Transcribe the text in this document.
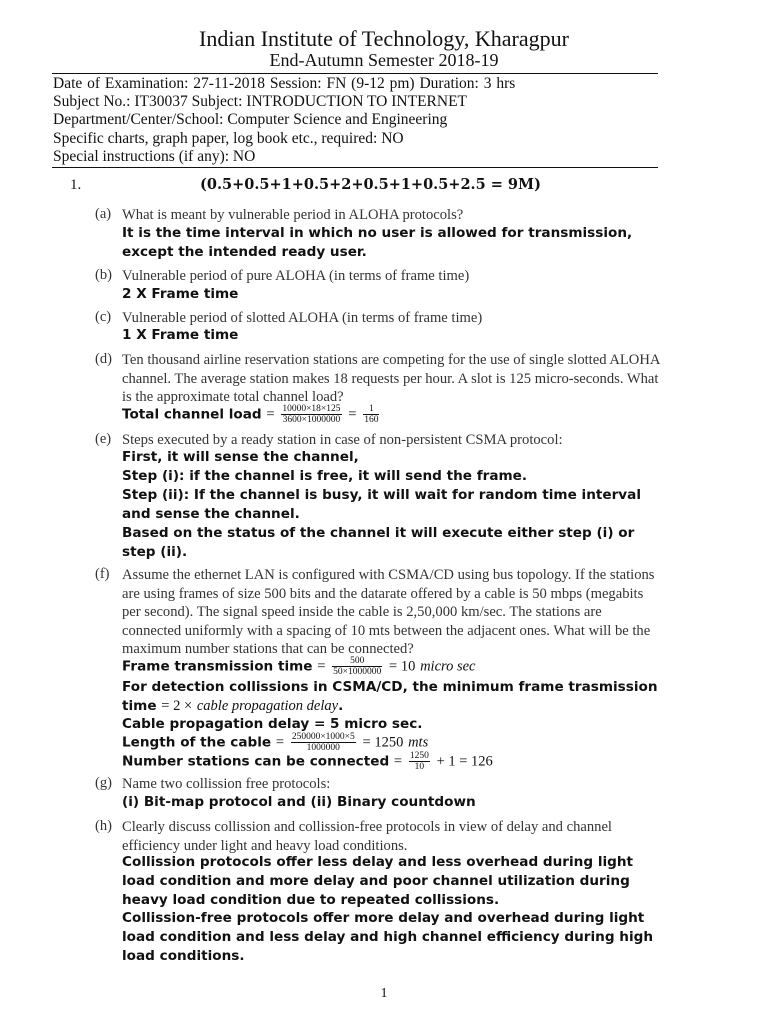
Indian Institute of Technology, Kharagpur
End-Autumn Semester 2018-19
Date of Examination: 27-11-2018 Session: FN (9-12 pm) Duration: 3 hrs
Subject No.: IT30037 Subject: INTRODUCTION TO INTERNET
Department/Center/School: Computer Science and Engineering
Specific charts, graph paper, log book etc., required: NO
Special instructions (if any): NO
1.	(0.5+0.5+1+0.5+2+0.5+1+0.5+2.5 = 9M)
(a) What is meant by vulnerable period in ALOHA protocols?
It is the time interval in which no user is allowed for transmission, except the intended ready user.
(b) Vulnerable period of pure ALOHA (in terms of frame time)
2 X Frame time
(c) Vulnerable period of slotted ALOHA (in terms of frame time)
1 X Frame time
(d) Ten thousand airline reservation stations are competing for the use of single slotted ALOHA channel. The average station makes 18 requests per hour. A slot is 125 micro-seconds. What is the approximate total channel load?
Total channel load = $\frac{10000\times 18\times 125}{3600\times 1000000} = \frac{1}{160}$
(e) Steps executed by a ready station in case of non-persistent CSMA protocol:
First, it will sense the channel,
Step (i): if the channel is free, it will send the frame.
Step (ii): If the channel is busy, it will wait for random time interval and sense the channel.
Based on the status of the channel it will execute either step (i) or step (ii).
(f) Assume the ethernet LAN is configured with CSMA/CD using bus topology. If the stations are using frames of size 500 bits and the datarate offered by a cable is 50 mbps (megabits per second). The signal speed inside the cable is 2,50,000 km/sec. The stations are connected uniformly with a spacing of 10 mts between the adjacent ones. What will be the maximum number stations that can be connected?
Frame transmission time = $\frac{500}{50\times 1000000} = 10$ micro sec
For detection collissions in CSMA/CD, the minimum frame trasmission time = 2 × cable propagation delay.
Cable propagation delay = 5 micro sec.
Length of the cable = $\frac{250000\times 1000\times 5}{1000000} = 1250$ mts
Number stations can be connected = $\frac{1250}{10} + 1 = 126$
(g) Name two collission free protocols:
(i) Bit-map protocol and (ii) Binary countdown
(h) Clearly discuss collission and collission-free protocols in view of delay and channel efficiency under light and heavy load conditions.
Collission protocols offer less delay and less overhead during light load condition and more delay and poor channel utilization during heavy load condition due to repeated collissions.
Collission-free protocols offer more delay and overhead during light load condition and less delay and high channel efficiency during high load conditions.
1
